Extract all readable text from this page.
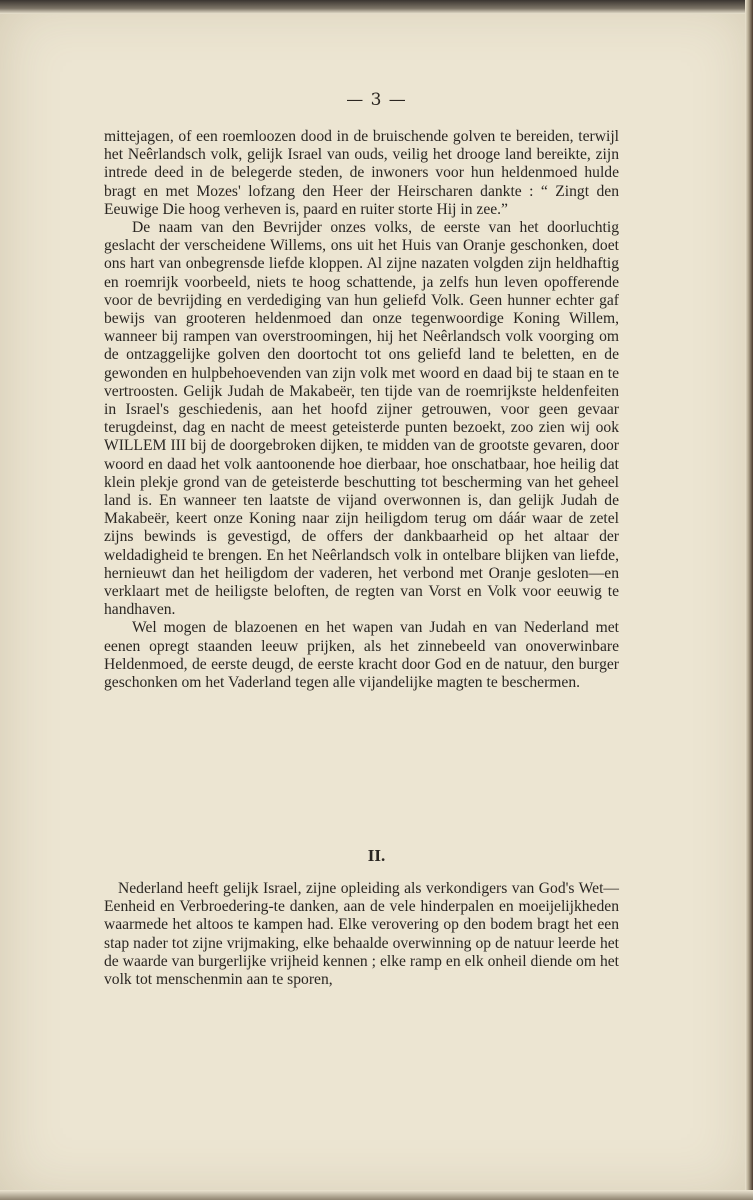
— 3 —

mittejagen, of een roemloozen dood in de bruischende golven te bereiden, terwijl het Neêrlandsch volk, gelijk Israel van ouds, veilig het drooge land bereikte, zijn intrede deed in de belegerde steden, de inwoners voor hun heldenmoed hulde bragt en met Mozes' lofzang den Heer der Heirscharen dankte : “ Zingt den Eeuwige Die hoog verheven is, paard en ruiter storte Hij in zee.”

De naam van den Bevrijder onzes volks, de eerste van het doorluchtig geslacht der verscheidene Willems, ons uit het Huis van Oranje geschonken, doet ons hart van onbegrensde liefde kloppen. Al zijne nazaten volgden zijn heldhaftig en roemrijk voorbeeld, niets te hoog schattende, ja zelfs hun leven opofferende voor de bevrijding en verdediging van hun geliefd Volk. Geen hunner echter gaf bewijs van grooteren heldenmoed dan onze tegenwoordige Koning Willem, wanneer bij rampen van overstroomingen, hij het Neêrlandsch volk voorging om de ontzaggelijke golven den doortocht tot ons geliefd land te beletten, en de gewonden en hulpbehoevenden van zijn volk met woord en daad bij te staan en te vertroosten. Gelijk Judah de Makabeër, ten tijde van de roemrijkste heldenfeiten in Israel's geschiedenis, aan het hoofd zijner getrouwen, voor geen gevaar terugdeinst, dag en nacht de meest geteisterde punten bezoekt, zoo zien wij ook WILLEM III bij de doorgebroken dijken, te midden van de grootste gevaren, door woord en daad het volk aantoonende hoe dierbaar, hoe onschatbaar, hoe heilig dat klein plekje grond van de geteisterde beschutting tot bescherming van het geheel land is. En wanneer ten laatste de vijand overwonnen is, dan gelijk Judah de Makabeër, keert onze Koning naar zijn heiligdom terug om dáár waar de zetel zijns bewinds is gevestigd, de offers der dankbaarheid op het altaar der weldadigheid te brengen. En het Neêrlandsch volk in ontelbare blijken van liefde, hernieuwt dan het heiligdom der vaderen, het verbond met Oranje gesloten—en verklaart met de heiligste beloften, de regten van Vorst en Volk voor eeuwig te handhaven.

Wel mogen de blazoenen en het wapen van Judah en van Nederland met eenen opregt staanden leeuw prijken, als het zinnebeeld van onoverwinbare Heldenmoed, de eerste deugd, de eerste kracht door God en de natuur, den burger geschonken om het Vaderland tegen alle vijandelijke magten te beschermen.

II.

Nederland heeft gelijk Israel, zijne opleiding als verkondigers van God's Wet—Eenheid en Verbroedering-te danken, aan de vele hinderpalen en moeijelijkheden waarmede het altoos te kampen had. Elke verovering op den bodem bragt het een stap nader tot zijne vrijmaking, elke behaalde overwinning op de natuur leerde het de waarde van burgerlijke vrijheid kennen ; elke ramp en elk onheil diende om het volk tot menschenmin aan te sporen,
